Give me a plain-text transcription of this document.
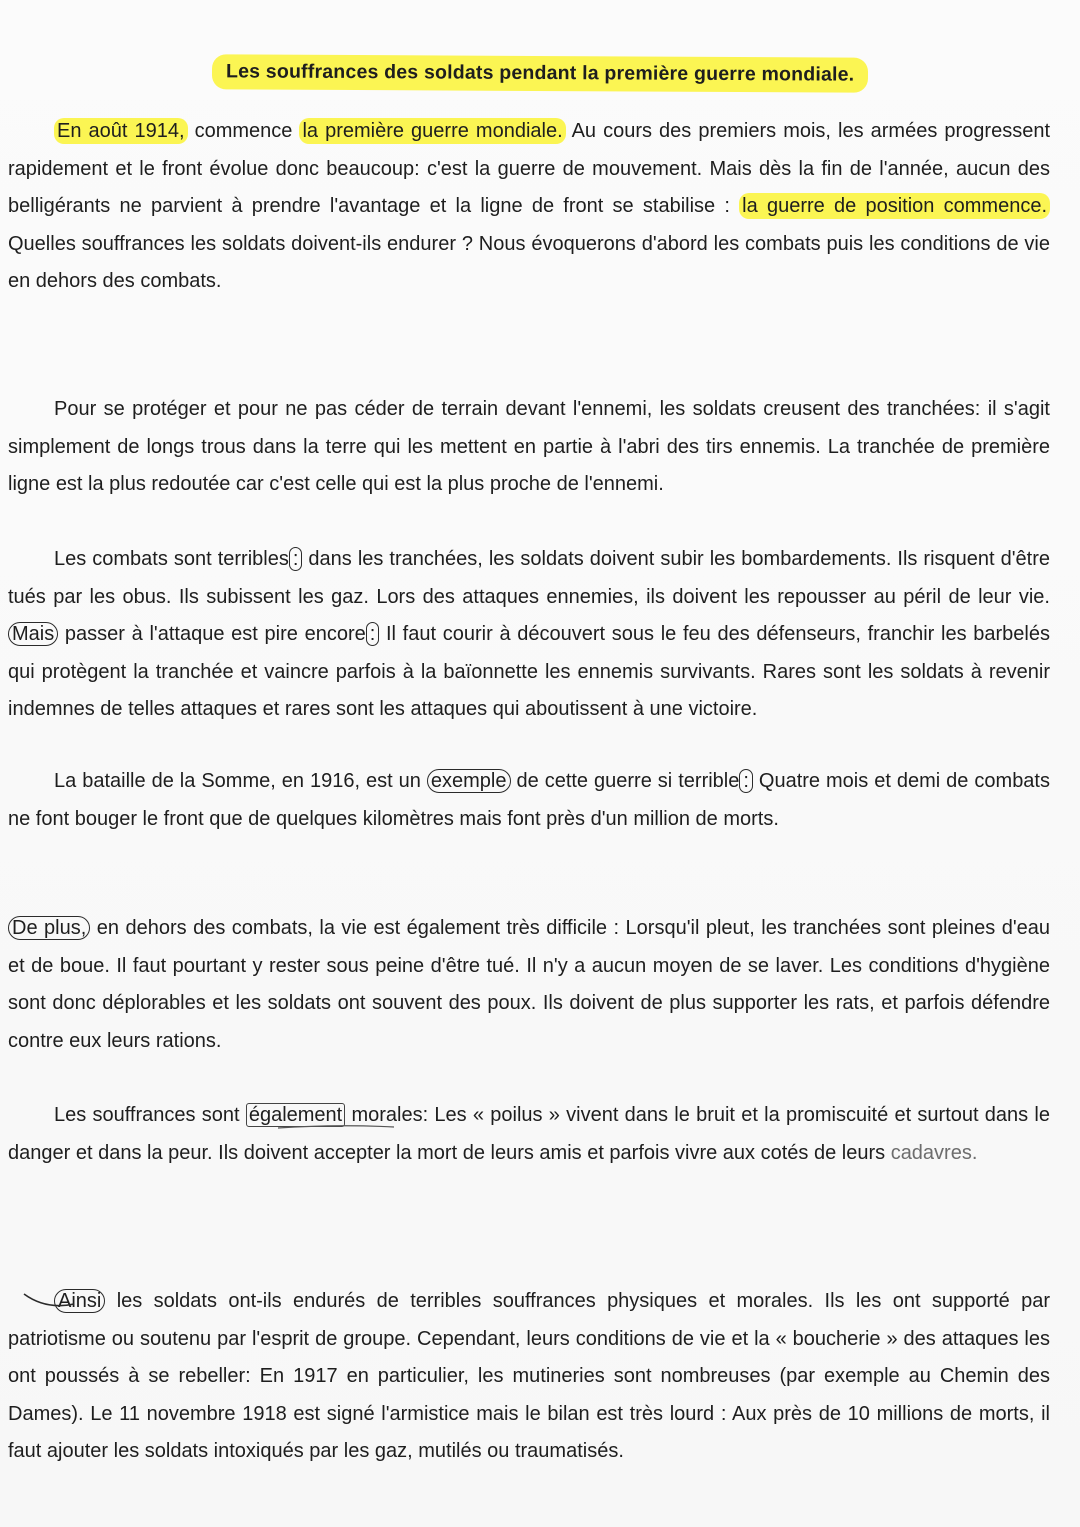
Les souffrances des soldats pendant la première guerre mondiale.

En août 1914, commence la première guerre mondiale. Au cours des premiers mois, les armées progressent rapidement et le front évolue donc beaucoup: c'est la guerre de mouvement. Mais dès la fin de l'année, aucun des belligérants ne parvient à prendre l'avantage et la ligne de front se stabilise : la guerre de position commence. Quelles souffrances les soldats doivent-ils endurer ? Nous évoquerons d'abord les combats puis les conditions de vie en dehors des combats.

Pour se protéger et pour ne pas céder de terrain devant l'ennemi, les soldats creusent des tranchées: il s'agit simplement de longs trous dans la terre qui les mettent en partie à l'abri des tirs ennemis. La tranchée de première ligne est la plus redoutée car c'est celle qui est la plus proche de l'ennemi.

Les combats sont terribles : dans les tranchées, les soldats doivent subir les bombardements. Ils risquent d'être tués par les obus. Ils subissent les gaz. Lors des attaques ennemies, ils doivent les repousser au péril de leur vie. Mais passer à l'attaque est pire encore : Il faut courir à découvert sous le feu des défenseurs, franchir les barbelés qui protègent la tranchée et vaincre parfois à la baïonnette les ennemis survivants. Rares sont les soldats à revenir indemnes de telles attaques et rares sont les attaques qui aboutissent à une victoire.

La bataille de la Somme, en 1916, est un exemple de cette guerre si terrible : Quatre mois et demi de combats ne font bouger le front que de quelques kilomètres mais font près d'un million de morts.

De plus, en dehors des combats, la vie est également très difficile : Lorsqu'il pleut, les tranchées sont pleines d'eau et de boue. Il faut pourtant y rester sous peine d'être tué. Il n'y a aucun moyen de se laver. Les conditions d'hygiène sont donc déplorables et les soldats ont souvent des poux. Ils doivent de plus supporter les rats, et parfois défendre contre eux leurs rations.

Les souffrances sont également morales: Les « poilus » vivent dans le bruit et la promiscuité et surtout dans le danger et dans la peur. Ils doivent accepter la mort de leurs amis et parfois vivre aux cotés de leurs cadavres.

Ainsi les soldats ont-ils endurés de terribles souffrances physiques et morales. Ils les ont supporté par patriotisme ou soutenu par l'esprit de groupe. Cependant, leurs conditions de vie et la « boucherie » des attaques les ont poussés à se rebeller: En 1917 en particulier, les mutineries sont nombreuses (par exemple au Chemin des Dames). Le 11 novembre 1918 est signé l'armistice mais le bilan est très lourd : Aux près de 10 millions de morts, il faut ajouter les soldats intoxiqués par les gaz, mutilés ou traumatisés.
